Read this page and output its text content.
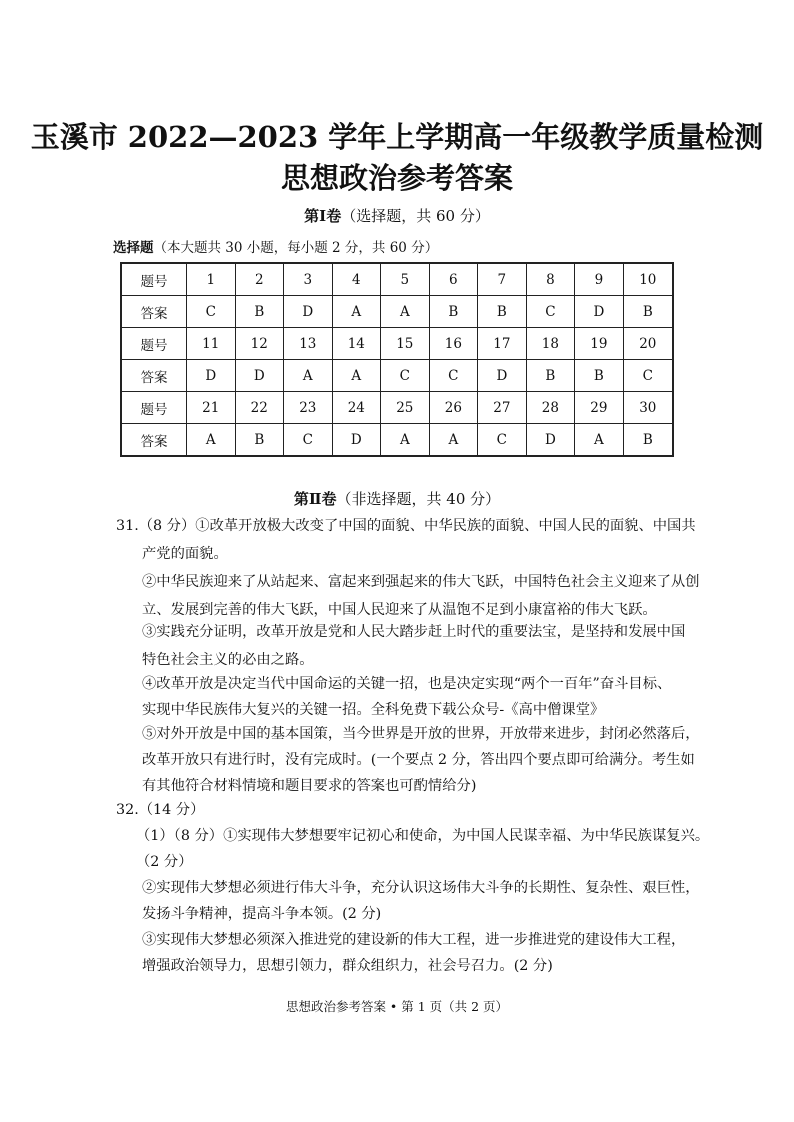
玉溪市 2022—2023 学年上学期高一年级教学质量检测
思想政治参考答案
第Ⅰ卷（选择题，共 60 分）
选择题（本大题共 30 小题，每小题 2 分，共 60 分）
题号	1	2	3	4	5	6	7	8	9	10
答案	C	B	D	A	A	B	B	C	D	B
题号	11	12	13	14	15	16	17	18	19	20
答案	D	D	A	A	C	C	D	B	B	C
题号	21	22	23	24	25	26	27	28	29	30
答案	A	B	C	D	A	A	C	D	A	B
第Ⅱ卷（非选择题，共 40 分）
31.（8 分）①改革开放极大改变了中国的面貌、中华民族的面貌、中国人民的面貌、中国共
产党的面貌。
②中华民族迎来了从站起来、富起来到强起来的伟大飞跃，中国特色社会主义迎来了从创
立、发展到完善的伟大飞跃，中国人民迎来了从温饱不足到小康富裕的伟大飞跃。
③实践充分证明，改革开放是党和人民大踏步赶上时代的重要法宝，是坚持和发展中国
特色社会主义的必由之路。
④改革开放是决定当代中国命运的关键一招，也是决定实现“两个一百年”奋斗目标、
实现中华民族伟大复兴的关键一招。全科免费下载公众号-《高中僧课堂》
⑤对外开放是中国的基本国策，当今世界是开放的世界，开放带来进步，封闭必然落后，
改革开放只有进行时，没有完成时。(一个要点 2 分，答出四个要点即可给满分。考生如
有其他符合材料情境和题目要求的答案也可酌情给分)
32.（14 分）
（1）（8 分）①实现伟大梦想要牢记初心和使命，为中国人民谋幸福、为中华民族谋复兴。
（2 分）
②实现伟大梦想必须进行伟大斗争，充分认识这场伟大斗争的长期性、复杂性、艰巨性，
发扬斗争精神，提高斗争本领。(2 分)
③实现伟大梦想必须深入推进党的建设新的伟大工程，进一步推进党的建设伟大工程，
增强政治领导力，思想引领力，群众组织力，社会号召力。(2 分)
思想政治参考答案 • 第 1 页（共 2 页）
